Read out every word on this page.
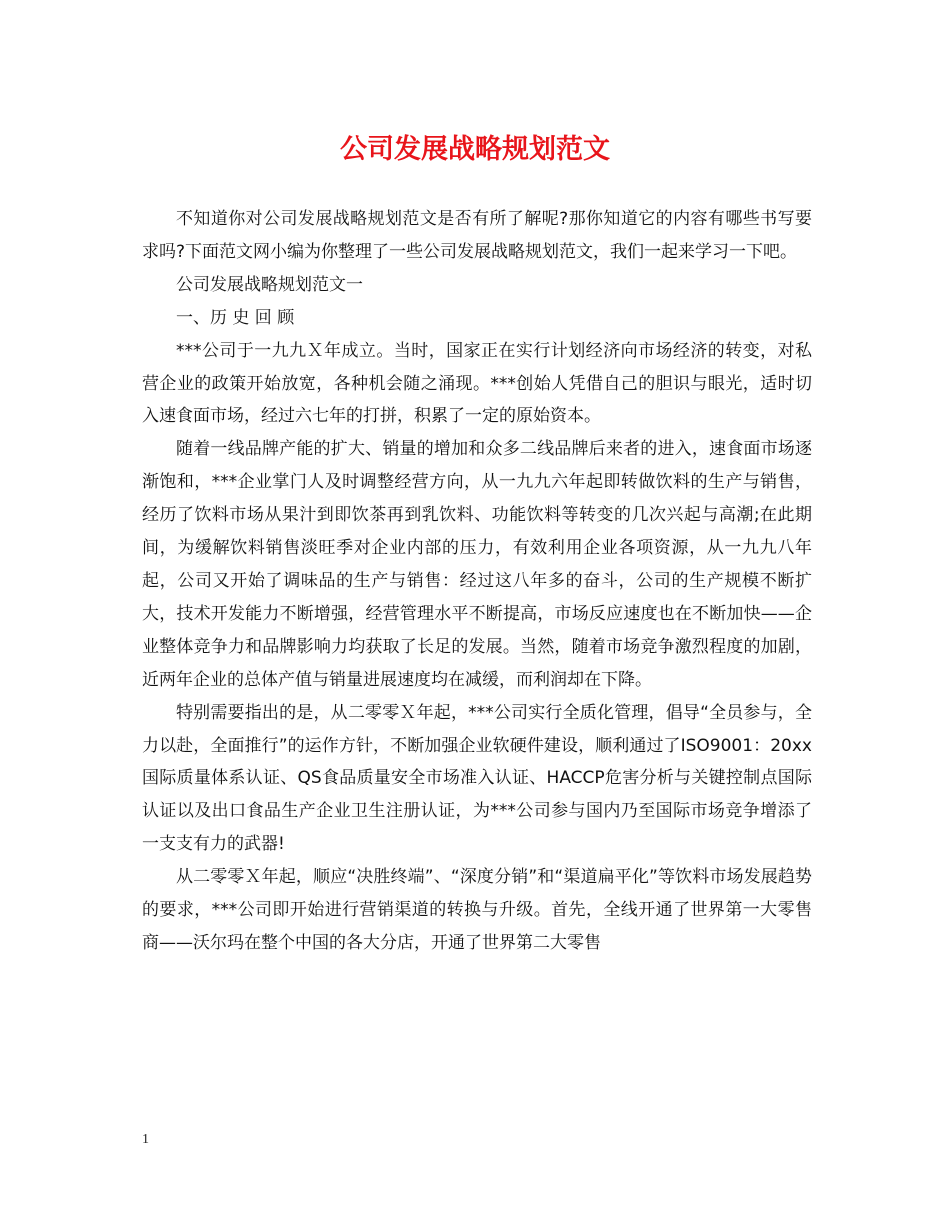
公司发展战略规划范文

不知道你对公司发展战略规划范文是否有所了解呢?那你知道它的内容有哪些书写要求吗?下面范文网小编为你整理了一些公司发展战略规划范文，我们一起来学习一下吧。

公司发展战略规划范文一

一、历 史 回 顾

***公司于一九九Ｘ年成立。当时，国家正在实行计划经济向市场经济的转变，对私营企业的政策开始放宽，各种机会随之涌现。***创始人凭借自己的胆识与眼光，适时切入速食面市场，经过六七年的打拼，积累了一定的原始资本。

随着一线品牌产能的扩大、销量的增加和众多二线品牌后来者的进入，速食面市场逐渐饱和，***企业掌门人及时调整经营方向，从一九九六年起即转做饮料的生产与销售，经历了饮料市场从果汁到即饮茶再到乳饮料、功能饮料等转变的几次兴起与高潮;在此期间，为缓解饮料销售淡旺季对企业内部的压力，有效利用企业各项资源，从一九九八年起，公司又开始了调味品的生产与销售：经过这八年多的奋斗，公司的生产规模不断扩大，技术开发能力不断增强，经营管理水平不断提高，市场反应速度也在不断加快——企业整体竞争力和品牌影响力均获取了长足的发展。当然，随着市场竞争激烈程度的加剧，近两年企业的总体产值与销量进展速度均在减缓，而利润却在下降。

特别需要指出的是，从二零零Ｘ年起，***公司实行全质化管理，倡导“全员参与，全力以赴，全面推行”的运作方针，不断加强企业软硬件建设，顺利通过了ISO9001：20xx国际质量体系认证、QS食品质量安全市场准入认证、HACCP危害分析与关键控制点国际认证以及出口食品生产企业卫生注册认证，为***公司参与国内乃至国际市场竞争增添了一支支有力的武器!

从二零零Ｘ年起，顺应“决胜终端”、“深度分销”和“渠道扁平化”等饮料市场发展趋势的要求，***公司即开始进行营销渠道的转换与升级。首先，全线开通了世界第一大零售商——沃尔玛在整个中国的各大分店，开通了世界第二大零售

1
